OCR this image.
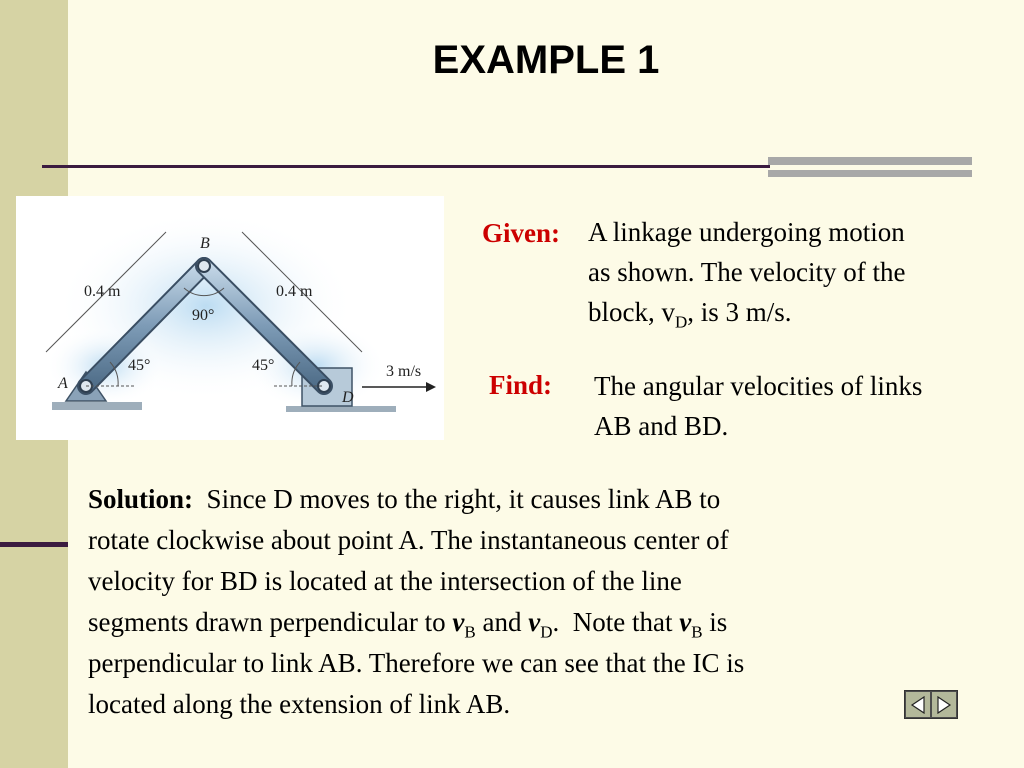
EXAMPLE 1
B
A
D
0.4 m	0.4 m
90°
45°	45°	3 m/s
Given: A linkage undergoing motion
as shown. The velocity of the
block, $v_D$, is 3 m/s.
Find: The angular velocities of links
AB and BD.
Solution:  Since D moves to the right, it causes link AB to
rotate clockwise about point A. The instantaneous center of
velocity for BD is located at the intersection of the line
segments drawn perpendicular to $v_B$ and $v_D$.  Note that $v_B$ is
perpendicular to link AB. Therefore we can see that the IC is
located along the extension of link AB.
